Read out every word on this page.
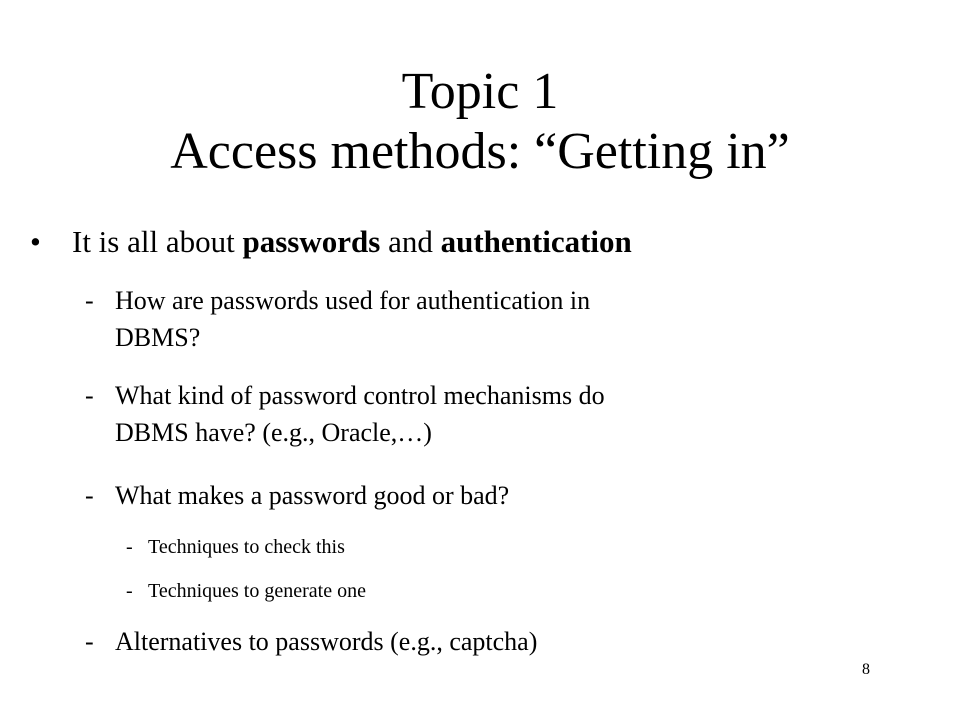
Topic 1
Access methods: “Getting in”
• It is all about passwords and authentication
- How are passwords used for authentication in
DBMS?
- What kind of password control mechanisms do
DBMS have? (e.g., Oracle,…)
- What makes a password good or bad?
- Techniques to check this
- Techniques to generate one
- Alternatives to passwords (e.g., captcha)
8
